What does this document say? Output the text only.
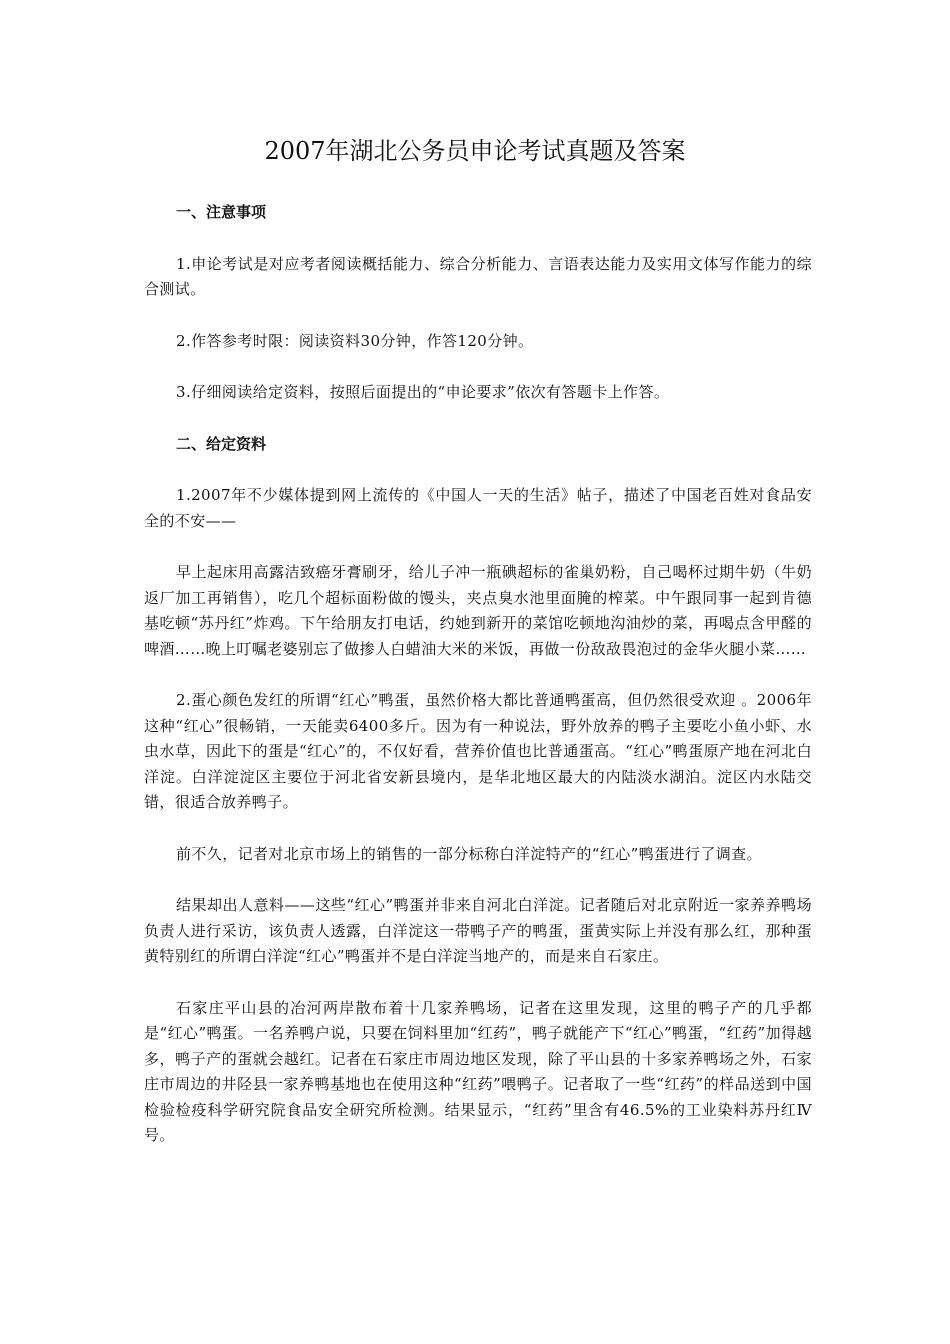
2007年湖北公务员申论考试真题及答案

一、注意事项

1.申论考试是对应考者阅读概括能力、综合分析能力、言语表达能力及实用文体写作能力的综合测试。

2.作答参考时限：阅读资料30分钟，作答120分钟。

3.仔细阅读给定资料，按照后面提出的“申论要求”依次有答题卡上作答。

二、给定资料

1.2007年不少媒体提到网上流传的《中国人一天的生活》帖子，描述了中国老百姓对食品安全的不安——

早上起床用高露洁致癌牙膏刷牙，给儿子冲一瓶碘超标的雀巢奶粉，自己喝杯过期牛奶（牛奶返厂加工再销售），吃几个超标面粉做的馒头，夹点臭水池里面腌的榨菜。中午跟同事一起到肯德基吃顿“苏丹红”炸鸡。下午给朋友打电话，约她到新开的菜馆吃顿地沟油炒的菜，再喝点含甲醛的啤酒……晚上叮嘱老婆别忘了做掺人白蜡油大米的米饭，再做一份敌敌畏泡过的金华火腿小菜……

2.蛋心颜色发红的所谓“红心”鸭蛋，虽然价格大都比普通鸭蛋高，但仍然很受欢迎 。2006年这种“红心”很畅销，一天能卖6400多斤。因为有一种说法，野外放养的鸭子主要吃小鱼小虾、水虫水草，因此下的蛋是“红心”的，不仅好看，营养价值也比普通蛋高。“红心”鸭蛋原产地在河北白洋淀。白洋淀淀区主要位于河北省安新县境内，是华北地区最大的内陆淡水湖泊。淀区内水陆交错，很适合放养鸭子。

前不久，记者对北京市场上的销售的一部分标称白洋淀特产的“红心”鸭蛋进行了调查。

结果却出人意料——这些“红心”鸭蛋并非来自河北白洋淀。记者随后对北京附近一家养养鸭场负责人进行采访，该负责人透露，白洋淀这一带鸭子产的鸭蛋，蛋黄实际上并没有那么红，那种蛋黄特别红的所谓白洋淀“红心”鸭蛋并不是白洋淀当地产的，而是来自石家庄。

石家庄平山县的冶河两岸散布着十几家养鸭场，记者在这里发现，这里的鸭子产的几乎都是“红心”鸭蛋。一名养鸭户说，只要在饲料里加“红药”，鸭子就能产下“红心”鸭蛋，“红药”加得越多，鸭子产的蛋就会越红。记者在石家庄市周边地区发现，除了平山县的十多家养鸭场之外，石家庄市周边的井陉县一家养鸭基地也在使用这种“红药”喂鸭子。记者取了一些“红药”的样品送到中国检验检疫科学研究院食品安全研究所检测。结果显示，“红药”里含有46.5%的工业染料苏丹红Ⅳ号。
